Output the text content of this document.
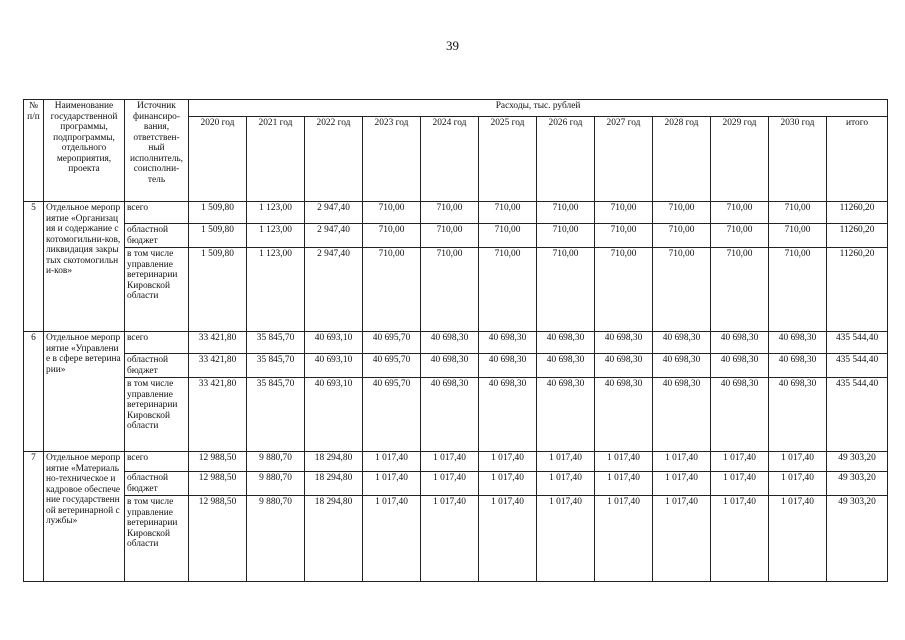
39
№ п/п	Наименование государственной программы, подпрограммы, отдельного мероприятия, проекта	Источник финансиро-вания, ответствен-ный исполнитель, соисполни-тель	Расходы, тыс. рублей											
			2020 год	2021 год	2022 год	2023 год	2024 год	2025 год	2026 год	2027 год	2028 год	2029 год	2030 год	итого
5	Отдельное мероприятие «Организация и содержание скотомогильни-ков, ликвидация закрытых скотомогильни-ков»	всего	1 509,80	1 123,00	2 947,40	710,00	710,00	710,00	710,00	710,00	710,00	710,00	710,00	11260,20
		областной бюджет	1 509,80	1 123,00	2 947,40	710,00	710,00	710,00	710,00	710,00	710,00	710,00	710,00	11260,20
		в том числе управление ветеринарии Кировской области	1 509,80	1 123,00	2 947,40	710,00	710,00	710,00	710,00	710,00	710,00	710,00	710,00	11260,20
6	Отдельное мероприятие «Управление в сфере ветеринарии»	всего	33 421,80	35 845,70	40 693,10	40 695,70	40 698,30	40 698,30	40 698,30	40 698,30	40 698,30	40 698,30	40 698,30	435 544,40
		областной бюджет	33 421,80	35 845,70	40 693,10	40 695,70	40 698,30	40 698,30	40 698,30	40 698,30	40 698,30	40 698,30	40 698,30	435 544,40
		в том числе управление ветеринарии Кировской области	33 421,80	35 845,70	40 693,10	40 695,70	40 698,30	40 698,30	40 698,30	40 698,30	40 698,30	40 698,30	40 698,30	435 544,40
7	Отдельное мероприятие «Материально-техническое и кадровое обеспечение государственной ветеринарной службы»	всего	12 988,50	9 880,70	18 294,80	1 017,40	1 017,40	1 017,40	1 017,40	1 017,40	1 017,40	1 017,40	1 017,40	49 303,20
		областной бюджет	12 988,50	9 880,70	18 294,80	1 017,40	1 017,40	1 017,40	1 017,40	1 017,40	1 017,40	1 017,40	1 017,40	49 303,20
		в том числе управление ветеринарии Кировской области	12 988,50	9 880,70	18 294,80	1 017,40	1 017,40	1 017,40	1 017,40	1 017,40	1 017,40	1 017,40	1 017,40	49 303,20
